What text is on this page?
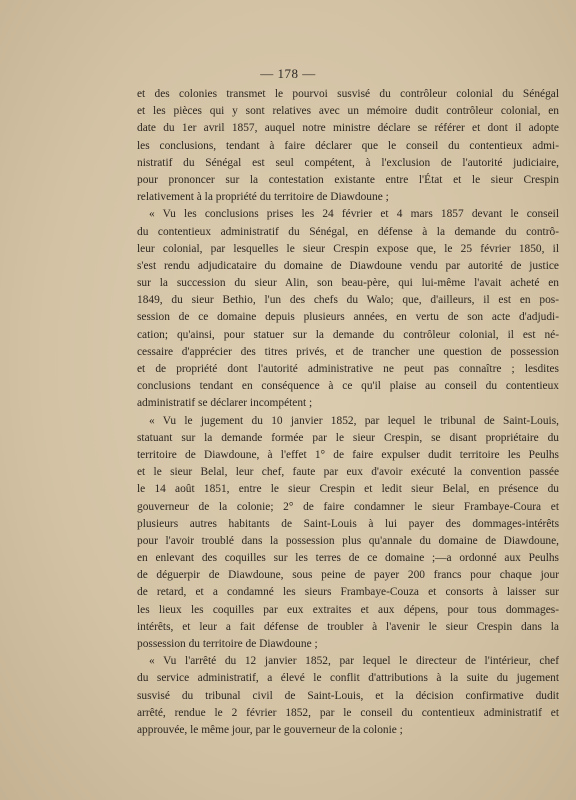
— 178 —
et des colonies transmet le pourvoi susvisé du contrôleur colonial du Sénégal
et les pièces qui y sont relatives avec un mémoire dudit contrôleur colonial, en
date du 1er avril 1857, auquel notre ministre déclare se référer et dont il adopte
les conclusions, tendant à faire déclarer que le conseil du contentieux admi-
nistratif du Sénégal est seul compétent, à l'exclusion de l'autorité judiciaire,
pour prononcer sur la contestation existante entre l'État et le sieur Crespin
relativement à la propriété du territoire de Diawdoune ;
« Vu les conclusions prises les 24 février et 4 mars 1857 devant le conseil
du contentieux administratif du Sénégal, en défense à la demande du contrô-
leur colonial, par lesquelles le sieur Crespin expose que, le 25 février 1850, il
s'est rendu adjudicataire du domaine de Diawdoune vendu par autorité de justice
sur la succession du sieur Alin, son beau-père, qui lui-même l'avait acheté en
1849, du sieur Bethio, l'un des chefs du Walo; que, d'ailleurs, il est en pos-
session de ce domaine depuis plusieurs années, en vertu de son acte d'adjudi-
cation; qu'ainsi, pour statuer sur la demande du contrôleur colonial, il est né-
cessaire d'apprécier des titres privés, et de trancher une question de possession
et de propriété dont l'autorité administrative ne peut pas connaître ; lesdites
conclusions tendant en conséquence à ce qu'il plaise au conseil du contentieux
administratif se déclarer incompétent ;
« Vu le jugement du 10 janvier 1852, par lequel le tribunal de Saint-Louis,
statuant sur la demande formée par le sieur Crespin, se disant propriétaire du
territoire de Diawdoune, à l'effet 1° de faire expulser dudit territoire les Peulhs
et le sieur Belal, leur chef, faute par eux d'avoir exécuté la convention passée
le 14 août 1851, entre le sieur Crespin et ledit sieur Belal, en présence du
gouverneur de la colonie; 2° de faire condamner le sieur Frambaye-Coura et
plusieurs autres habitants de Saint-Louis à lui payer des dommages-intérêts
pour l'avoir troublé dans la possession plus qu'annale du domaine de Diawdoune,
en enlevant des coquilles sur les terres de ce domaine ;—a ordonné aux Peulhs
de déguerpir de Diawdoune, sous peine de payer 200 francs pour chaque jour
de retard, et a condamné les sieurs Frambaye-Couza et consorts à laisser sur
les lieux les coquilles par eux extraites et aux dépens, pour tous dommages-
intérêts, et leur a fait défense de troubler à l'avenir le sieur Crespin dans la
possession du territoire de Diawdoune ;
« Vu l'arrêté du 12 janvier 1852, par lequel le directeur de l'intérieur, chef
du service administratif, a élevé le conflit d'attributions à la suite du jugement
susvisé du tribunal civil de Saint-Louis, et la décision confirmative dudit
arrêté, rendue le 2 février 1852, par le conseil du contentieux administratif et
approuvée, le même jour, par le gouverneur de la colonie ;
